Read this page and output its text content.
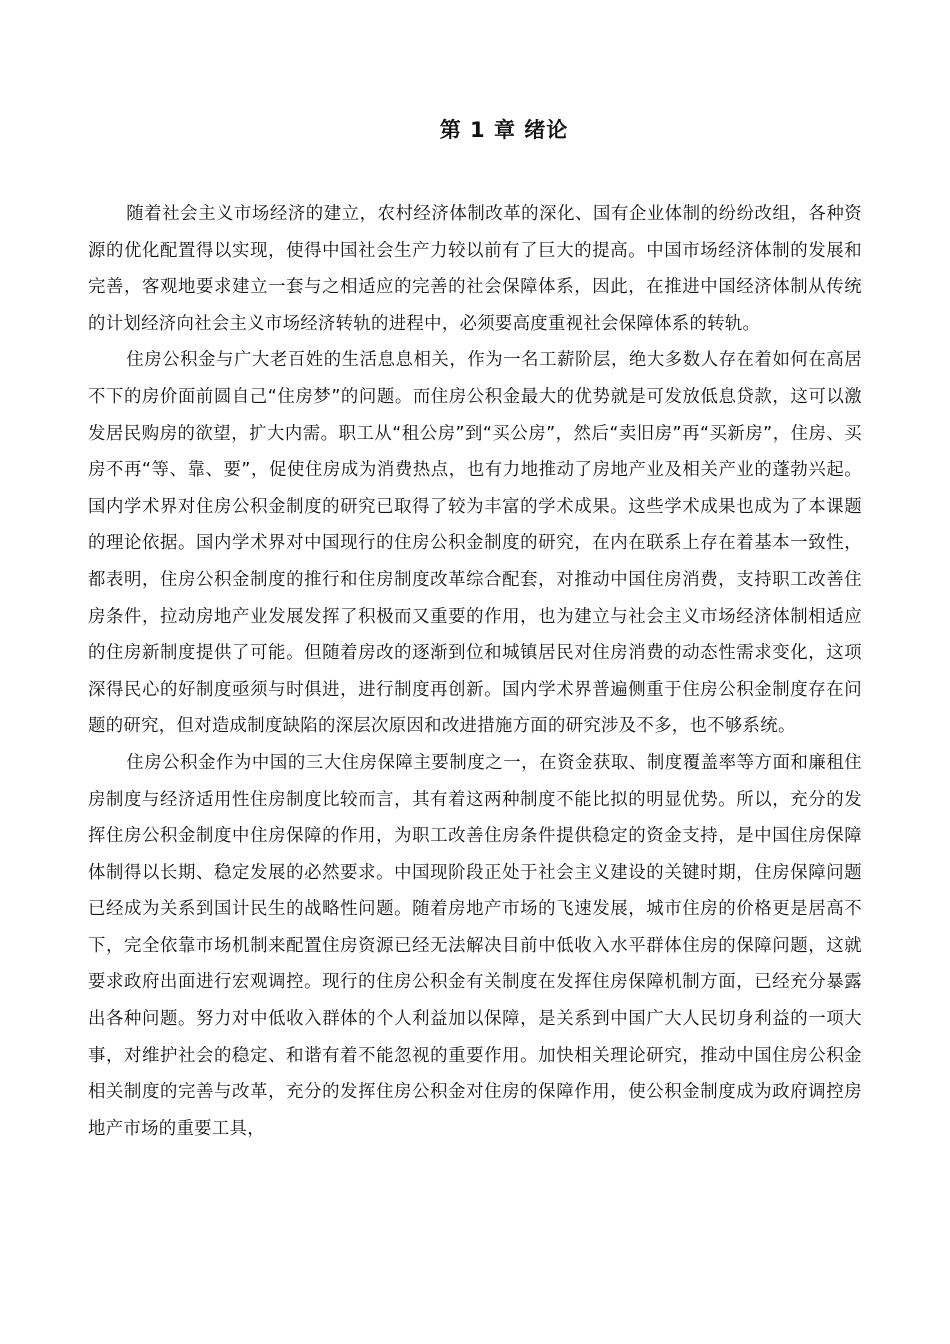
第 1 章 绪论

随着社会主义市场经济的建立，农村经济体制改革的深化、国有企业体制的纷纷改组，各种资源的优化配置得以实现，使得中国社会生产力较以前有了巨大的提高。中国市场经济体制的发展和完善，客观地要求建立一套与之相适应的完善的社会保障体系，因此，在推进中国经济体制从传统的计划经济向社会主义市场经济转轨的进程中，必须要高度重视社会保障体系的转轨。

住房公积金与广大老百姓的生活息息相关，作为一名工薪阶层，绝大多数人存在着如何在高居不下的房价面前圆自己“住房梦”的问题。而住房公积金最大的优势就是可发放低息贷款，这可以激发居民购房的欲望，扩大内需。职工从“租公房”到“买公房”，然后“卖旧房”再“买新房”，住房、买房不再“等、靠、要”，促使住房成为消费热点，也有力地推动了房地产业及相关产业的蓬勃兴起。国内学术界对住房公积金制度的研究已取得了较为丰富的学术成果。这些学术成果也成为了本课题的理论依据。国内学术界对中国现行的住房公积金制度的研究，在内在联系上存在着基本一致性，都表明，住房公积金制度的推行和住房制度改革综合配套，对推动中国住房消费，支持职工改善住房条件，拉动房地产业发展发挥了积极而又重要的作用，也为建立与社会主义市场经济体制相适应的住房新制度提供了可能。但随着房改的逐渐到位和城镇居民对住房消费的动态性需求变化，这项深得民心的好制度亟须与时俱进，进行制度再创新。国内学术界普遍侧重于住房公积金制度存在问题的研究，但对造成制度缺陷的深层次原因和改进措施方面的研究涉及不多，也不够系统。

住房公积金作为中国的三大住房保障主要制度之一，在资金获取、制度覆盖率等方面和廉租住房制度与经济适用性住房制度比较而言，其有着这两种制度不能比拟的明显优势。所以，充分的发挥住房公积金制度中住房保障的作用，为职工改善住房条件提供稳定的资金支持，是中国住房保障体制得以长期、稳定发展的必然要求。中国现阶段正处于社会主义建设的关键时期，住房保障问题已经成为关系到国计民生的战略性问题。随着房地产市场的飞速发展，城市住房的价格更是居高不下，完全依靠市场机制来配置住房资源已经无法解决目前中低收入水平群体住房的保障问题，这就要求政府出面进行宏观调控。现行的住房公积金有关制度在发挥住房保障机制方面，已经充分暴露出各种问题。努力对中低收入群体的个人利益加以保障，是关系到中国广大人民切身利益的一项大事，对维护社会的稳定、和谐有着不能忽视的重要作用。加快相关理论研究，推动中国住房公积金相关制度的完善与改革，充分的发挥住房公积金对住房的保障作用，使公积金制度成为政府调控房地产市场的重要工具，
